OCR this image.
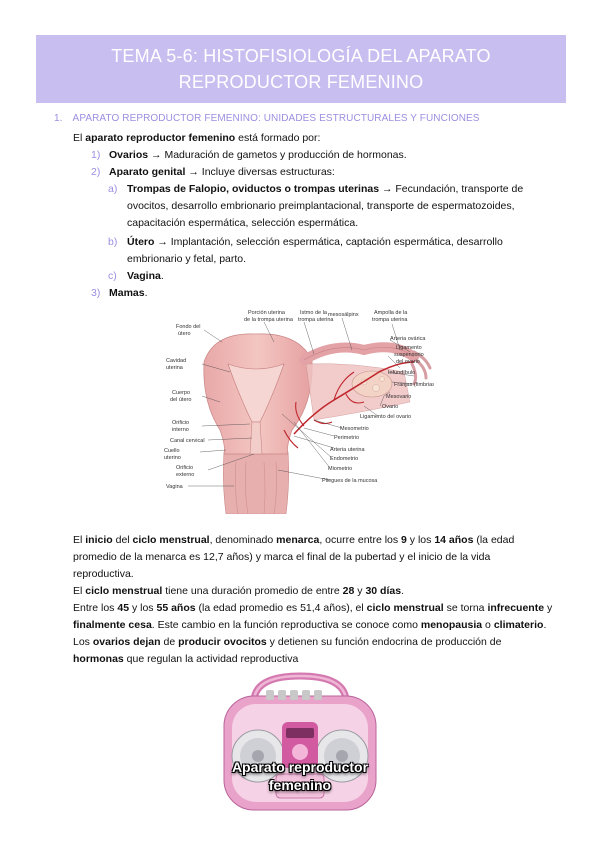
TEMA 5-6: HISTOFISIOLOGÍA DEL APARATO
REPRODUCTOR FEMENINO
1. APARATO REPRODUCTOR FEMENINO: UNIDADES ESTRUCTURALES Y FUNCIONES
El aparato reproductor femenino está formado por:
1) Ovarios → Maduración de gametos y producción de hormonas.
2) Aparato genital → Incluye diversas estructuras:
a) Trompas de Falopio, oviductos o trompas uterinas → Fecundación, transporte de
ovocitos, desarrollo embrionario preimplantacional, transporte de espermatozoides,
capacitación espermática, selección espermática.
b) Útero → Implantación, selección espermática, captación espermática, desarrollo
embrionario y fetal, parto.
c) Vagina.
3) Mamas.
Fondo del
útero
Porción uterina
de la trompa uterina
Istmo de la
trompa uterina
mesosálpinx	Ampolla de la
trompa uterina
Arteria ovárica
Ligamento
suspensorio
del ovario
Infundíbulo
Franjas (fimbrias)
Mesovario
Ovario
Ligamento del ovario
Cavidad
uterina
Cuerpo
del útero
Orificio
interno
Canal cervical
Cuello
uterino
Orificio
externo
Vagina
Mesometrio
Perimetrio
Arteria uterina
Endometrio
Miometrio
Pliegues de la mucosa
El inicio del ciclo menstrual, denominado menarca, ocurre entre los 9 y los 14 años (la edad
promedio de la menarca es 12,7 años) y marca el final de la pubertad y el inicio de la vida
reproductiva.
El ciclo menstrual tiene una duración promedio de entre 28 y 30 días.
Entre los 45 y los 55 años (la edad promedio es 51,4 años), el ciclo menstrual se torna infrecuente y
finalmente cesa. Este cambio en la función reproductiva se conoce como menopausia o climaterio.
Los ovarios dejan de producir ovocitos y detienen su función endocrina de producción de
hormonas que regulan la actividad reproductiva
Aparato reproductor
femenino
